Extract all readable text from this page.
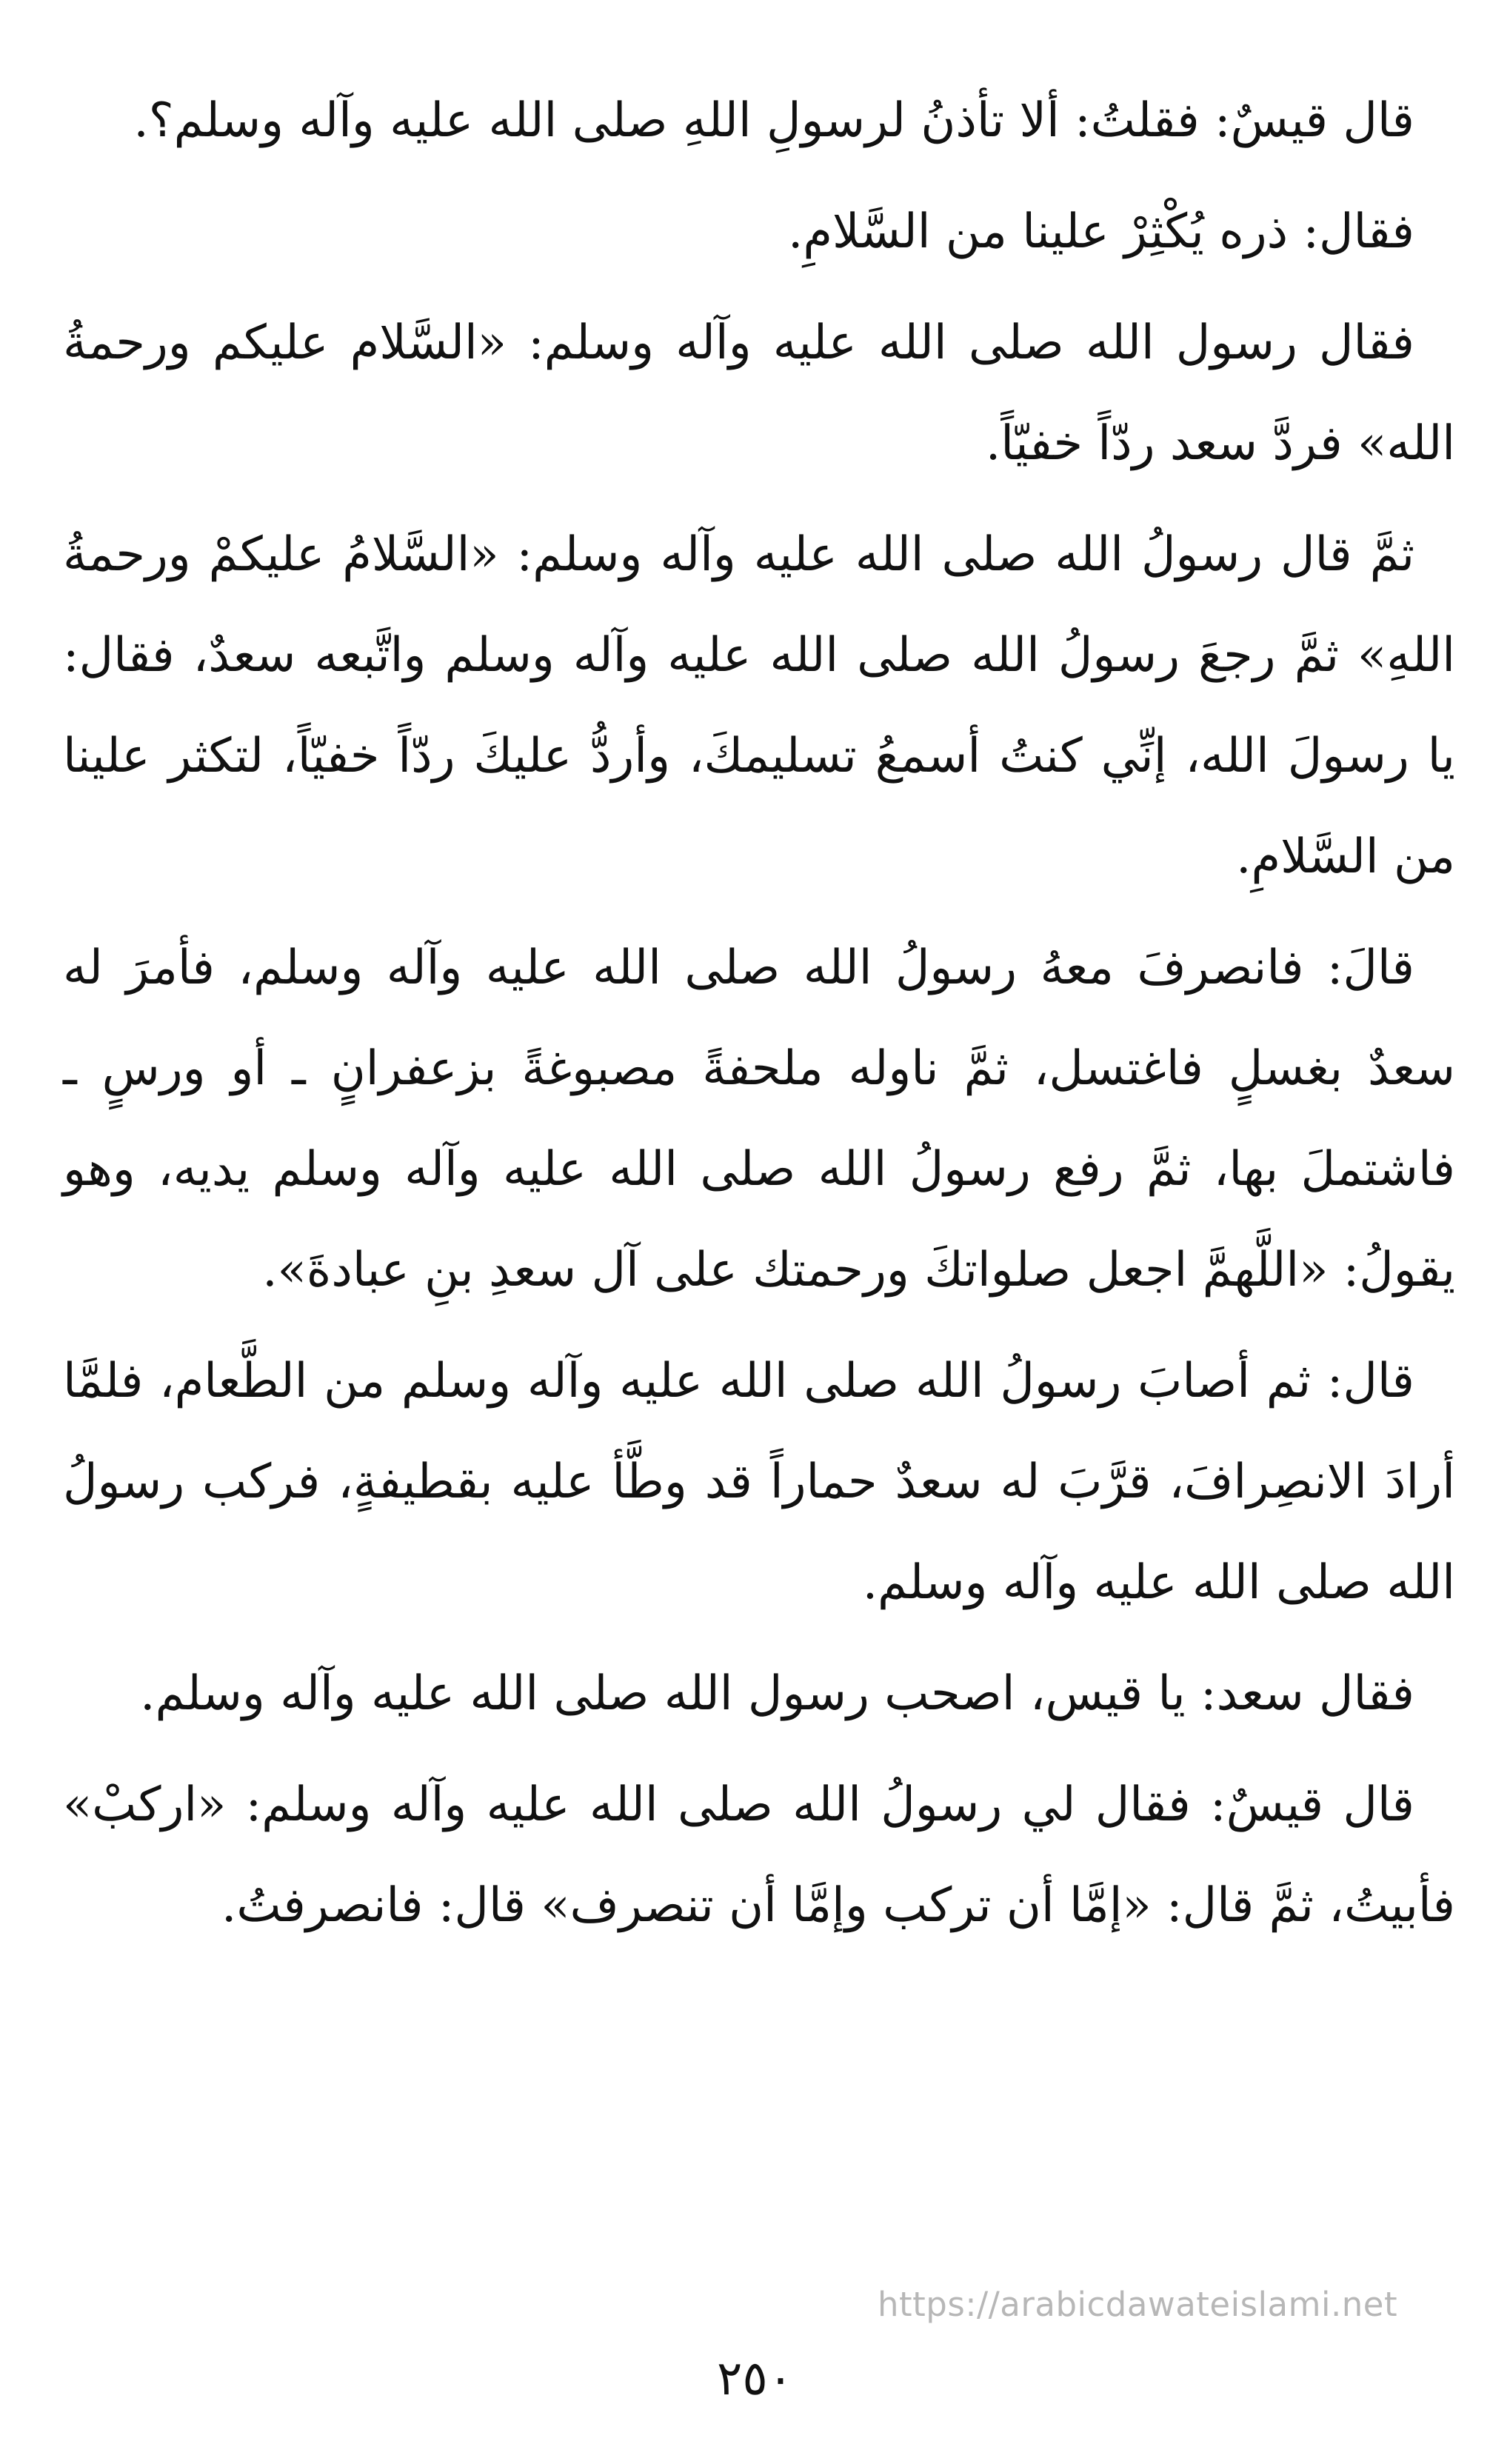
قال قيسٌ: فقلتُ: ألا تأذنُ لرسولِ اللهِ صلى الله عليه وآله وسلم؟.

فقال: ذره يُكْثِرْ علينا من السَّلامِ.

فقال رسول الله صلى الله عليه وآله وسلم: «السَّلام عليكم ورحمةُ الله» فردَّ سعد ردّاً خفيّاً.

ثمَّ قال رسولُ الله صلى الله عليه وآله وسلم: «السَّلامُ عليكمْ ورحمةُ اللهِ» ثمَّ رجعَ رسولُ الله صلى الله عليه وآله وسلم واتَّبعه سعدٌ، فقال: يا رسولَ الله، إنِّي كنتُ أسمعُ تسليمكَ، وأردُّ عليكَ ردّاً خفيّاً، لتكثر علينا من السَّلامِ.

قالَ: فانصرفَ معهُ رسولُ الله صلى الله عليه وآله وسلم، فأمرَ له سعدٌ بغسلٍ فاغتسل، ثمَّ ناوله ملحفةً مصبوغةً بزعفرانٍ ـ أو ورسٍ ـ فاشتملَ بها، ثمَّ رفع رسولُ الله صلى الله عليه وآله وسلم يديه، وهو يقولُ: «اللَّهمَّ اجعل صلواتكَ ورحمتك على آل سعدِ بنِ عبادةَ».

قال: ثم أصابَ رسولُ الله صلى الله عليه وآله وسلم من الطَّعام، فلمَّا أرادَ الانصِرافَ، قرَّبَ له سعدٌ حماراً قد وطَّأ عليه بقطيفةٍ، فركب رسولُ الله صلى الله عليه وآله وسلم.

فقال سعد: يا قيس، اصحب رسول الله صلى الله عليه وآله وسلم.

قال قيسٌ: فقال لي رسولُ الله صلى الله عليه وآله وسلم: «اركبْ» فأبيتُ، ثمَّ قال: «إمَّا أن تركب وإمَّا أن تنصرف» قال: فانصرفتُ.

https://arabicdawateislami.net
٢٥٠
